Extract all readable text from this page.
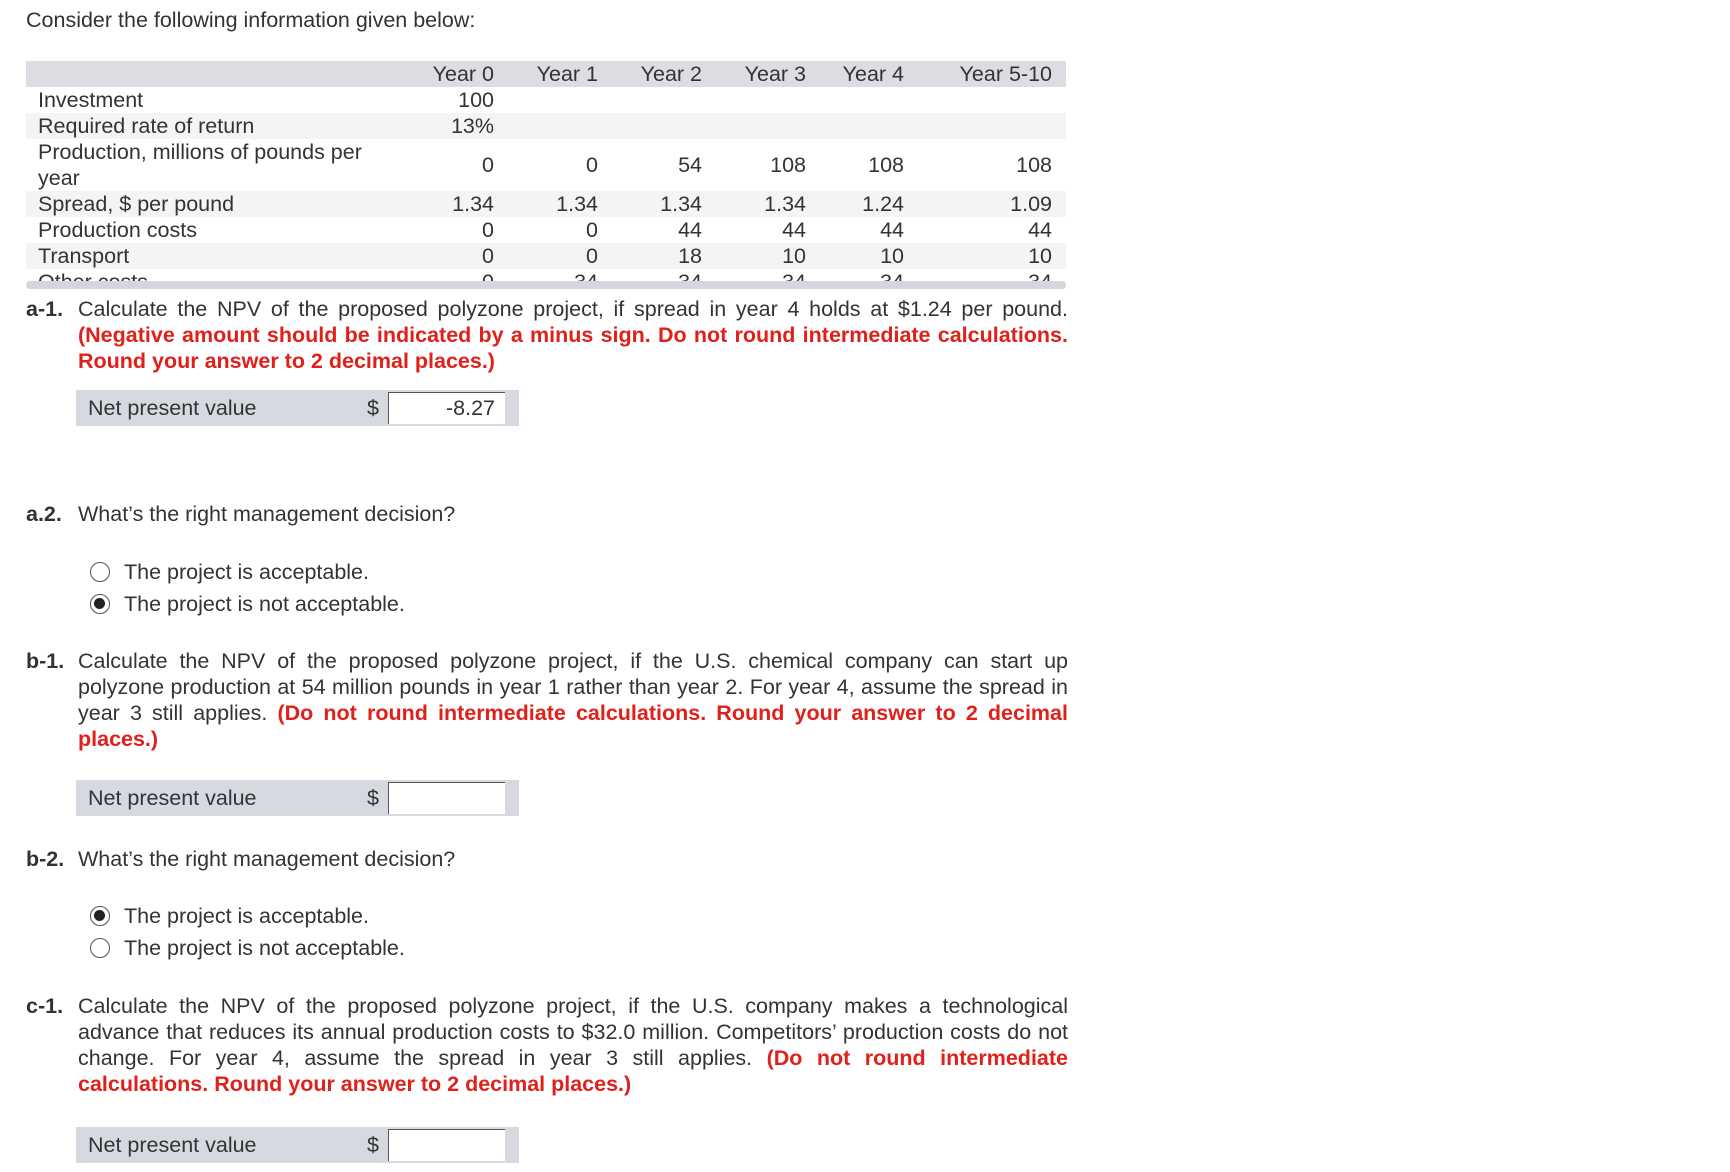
Consider the following information given below:
	Year 0	Year 1	Year 2	Year 3	Year 4	Year 5-10
Investment	100					
Required rate of return	13%					
Production, millions of pounds per year	0	0	54	108	108	108
Spread, $ per pound	1.34	1.34	1.34	1.34	1.24	1.09
Production costs	0	0	44	44	44	44
Transport	0	0	18	10	10	10

a-1. Calculate the NPV of the proposed polyzone project, if spread in year 4 holds at $1.24 per pound. (Negative amount should be indicated by a minus sign. Do not round intermediate calculations. Round your answer to 2 decimal places.)
Net present value	$	-8.27
a.2. What’s the right management decision?
The project is acceptable.
The project is not acceptable.
b-1. Calculate the NPV of the proposed polyzone project, if the U.S. chemical company can start up polyzone production at 54 million pounds in year 1 rather than year 2. For year 4, assume the spread in year 3 still applies. (Do not round intermediate calculations. Round your answer to 2 decimal places.)
Net present value	$
b-2. What’s the right management decision?
The project is acceptable.
The project is not acceptable.
c-1. Calculate the NPV of the proposed polyzone project, if the U.S. company makes a technological advance that reduces its annual production costs to $32.0 million. Competitors’ production costs do not change. For year 4, assume the spread in year 3 still applies. (Do not round intermediate calculations. Round your answer to 2 decimal places.)
Net present value	$
